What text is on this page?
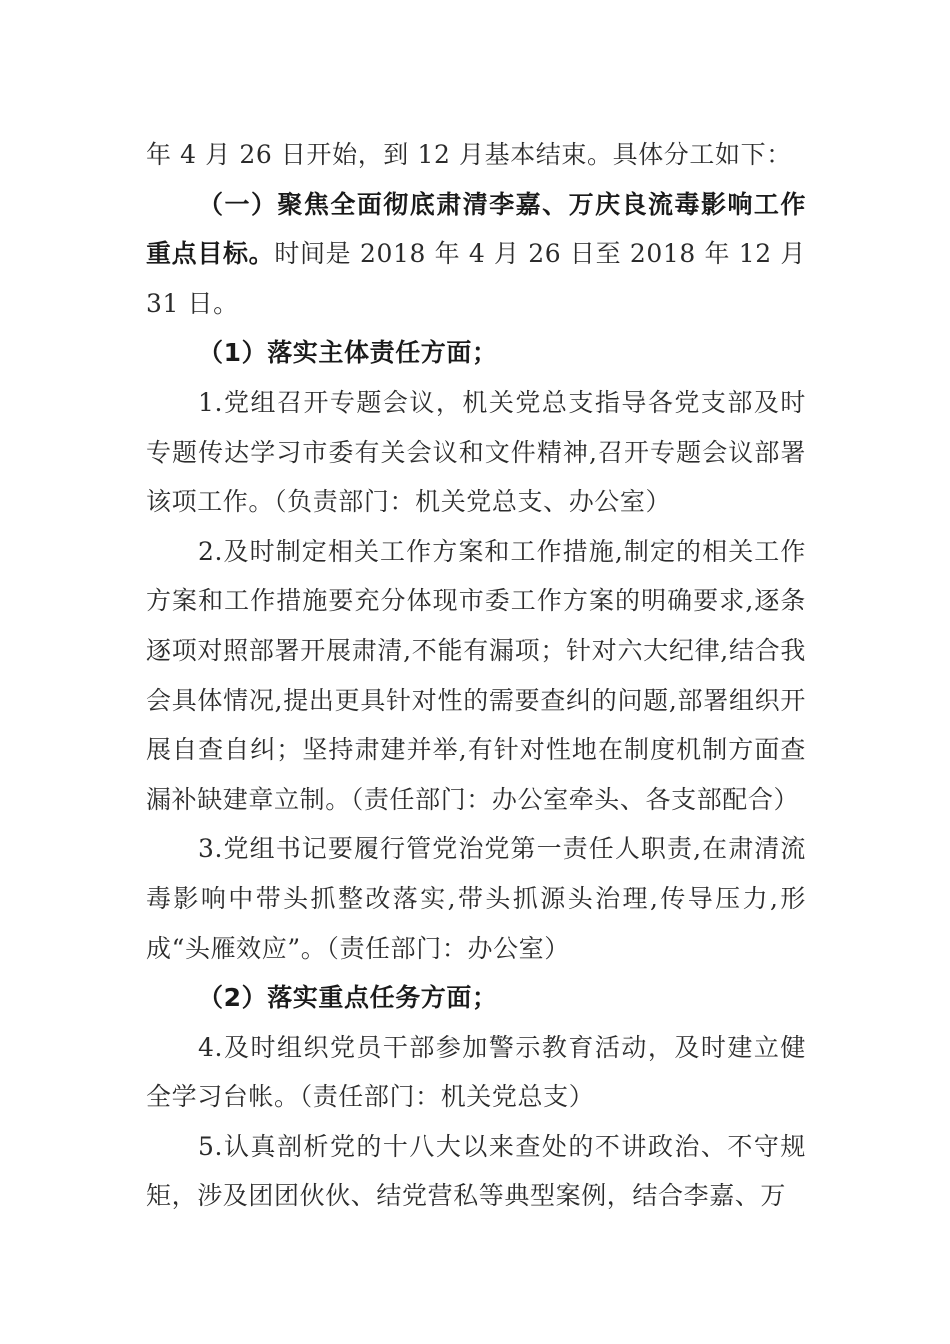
年 4 月 26 日开始，到 12 月基本结束。具体分工如下：

（一）聚焦全面彻底肃清李嘉、万庆良流毒影响工作重点目标。时间是 2018 年 4 月 26 日至 2018 年 12 月 31 日。

（1）落实主体责任方面；

1.党组召开专题会议，机关党总支指导各党支部及时专题传达学习市委有关会议和文件精神,召开专题会议部署该项工作。（负责部门：机关党总支、办公室）

2.及时制定相关工作方案和工作措施,制定的相关工作方案和工作措施要充分体现市委工作方案的明确要求,逐条逐项对照部署开展肃清,不能有漏项；针对六大纪律,结合我会具体情况,提出更具针对性的需要查纠的问题,部署组织开展自查自纠；坚持肃建并举,有针对性地在制度机制方面查漏补缺建章立制。（责任部门：办公室牵头、各支部配合）

3.党组书记要履行管党治党第一责任人职责,在肃清流毒影响中带头抓整改落实,带头抓源头治理,传导压力,形成“头雁效应”。（责任部门：办公室）

（2）落实重点任务方面；

4.及时组织党员干部参加警示教育活动，及时建立健全学习台帐。（责任部门：机关党总支）

5.认真剖析党的十八大以来查处的不讲政治、不守规矩，涉及团团伙伙、结党营私等典型案例，结合李嘉、万
